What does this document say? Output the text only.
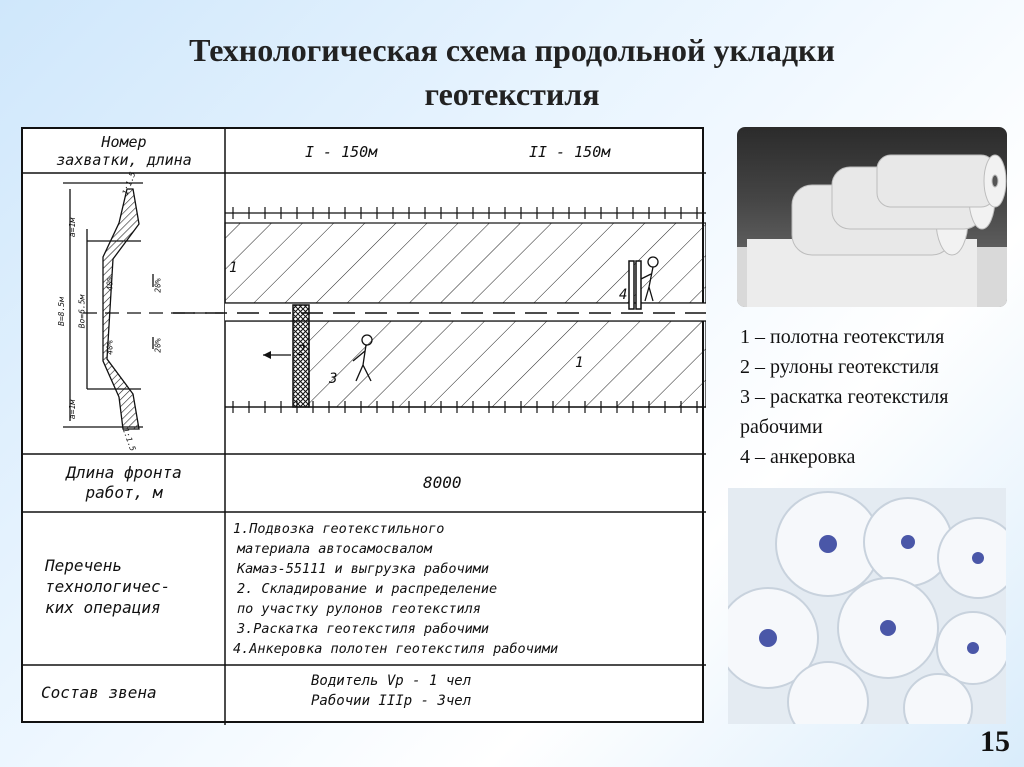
Технологическая схема продольной укладки
геотекстиля
Номер
захватки, длина	I - 150м	II - 150м
1
2
3
4
1
1:1.5
1:1.5
a=1м
a=1м
B=8.5м Bo=6.5м
40%
40%
20%
20%
Длина фронта
работ, м
8000
Перечень
технологичес-
ких операция
1.Подвозка геотекстильного
материала автосамосвалом
Камаз-55111 и выгрузка рабочими
2. Складирование и распределение
по участку рулонов геотекстиля
3.Раскатка геотекстиля рабочими
4.Анкеровка полотен геотекстиля рабочими
Состав звена
Водитель Vр - 1 чел
Рабочии IIIр - 3чел
1 – полотна геотекстиля
2 – рулоны геотекстиля
3 – раскатка геотекстиля рабочими
4 – анкеровка
15
